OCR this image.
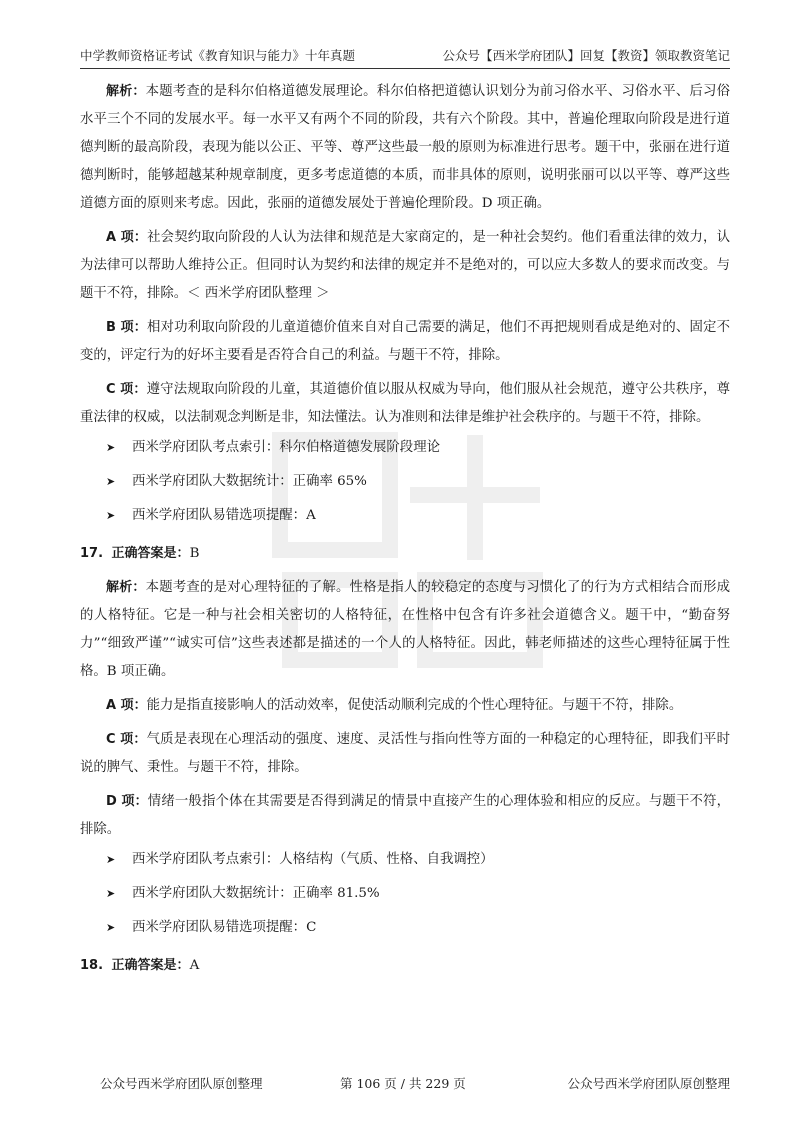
中学教师资格证考试《教育知识与能力》十年真题	公众号【西米学府团队】回复【教资】领取教资笔记

解析：本题考查的是科尔伯格道德发展理论。科尔伯格把道德认识划分为前习俗水平、习俗水平、后习俗水平三个不同的发展水平。每一水平又有两个不同的阶段，共有六个阶段。其中，普遍伦理取向阶段是进行道德判断的最高阶段，表现为能以公正、平等、尊严这些最一般的原则为标准进行思考。题干中，张丽在进行道德判断时，能够超越某种规章制度，更多考虑道德的本质，而非具体的原则，说明张丽可以以平等、尊严这些道德方面的原则来考虑。因此，张丽的道德发展处于普遍伦理阶段。D 项正确。

A 项：社会契约取向阶段的人认为法律和规范是大家商定的，是一种社会契约。他们看重法律的效力，认为法律可以帮助人维持公正。但同时认为契约和法律的规定并不是绝对的，可以应大多数人的要求而改变。与题干不符，排除。＜ 西米学府团队整理 ＞

B 项：相对功利取向阶段的儿童道德价值来自对自己需要的满足，他们不再把规则看成是绝对的、固定不变的，评定行为的好坏主要看是否符合自己的利益。与题干不符，排除。

C 项：遵守法规取向阶段的儿童，其道德价值以服从权威为导向，他们服从社会规范，遵守公共秩序，尊重法律的权威，以法制观念判断是非，知法懂法。认为准则和法律是维护社会秩序的。与题干不符，排除。

➤ 西米学府团队考点索引：科尔伯格道德发展阶段理论
➤ 西米学府团队大数据统计：正确率 65%
➤ 西米学府团队易错选项提醒：A
17. 正确答案是：B

解析：本题考查的是对心理特征的了解。性格是指人的较稳定的态度与习惯化了的行为方式相结合而形成的人格特征。它是一种与社会相关密切的人格特征，在性格中包含有许多社会道德含义。题干中，“勤奋努力”“细致严谨”“诚实可信”这些表述都是描述的一个人的人格特征。因此，韩老师描述的这些心理特征属于性格。B 项正确。

A 项：能力是指直接影响人的活动效率，促使活动顺利完成的个性心理特征。与题干不符，排除。

C 项：气质是表现在心理活动的强度、速度、灵活性与指向性等方面的一种稳定的心理特征，即我们平时说的脾气、秉性。与题干不符，排除。

D 项：情绪一般指个体在其需要是否得到满足的情景中直接产生的心理体验和相应的反应。与题干不符，排除。

➤ 西米学府团队考点索引：人格结构（气质、性格、自我调控）
➤ 西米学府团队大数据统计：正确率 81.5%
➤ 西米学府团队易错选项提醒：C
18. 正确答案是：A
公众号西米学府团队原创整理	第 106 页 / 共 229 页	公众号西米学府团队原创整理
